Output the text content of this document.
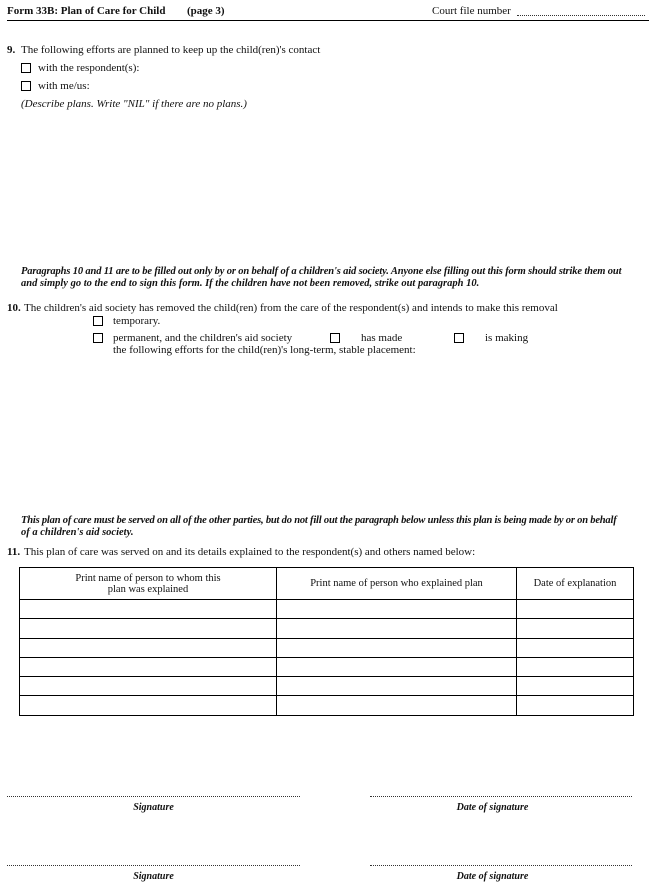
Form 33B: Plan of Care for Child (page 3)	Court file number
9. The following efforts are planned to keep up the child(ren)'s contact
with the respondent(s):
with me/us:
(Describe plans. Write "NIL" if there are no plans.)
Paragraphs 10 and 11 are to be filled out only by or on behalf of a children's aid society. Anyone else filling out this form should strike them out
and simply go to the end to sign this form. If the children have not been removed, strike out paragraph 10.
10. The children's aid society has removed the child(ren) from the care of the respondent(s) and intends to make this removal
temporary.
permanent, and the children's aid society	has made	is making
the following efforts for the child(ren)'s long-term, stable placement:
This plan of care must be served on all of the other parties, but do not fill out the paragraph below unless this plan is being made by or on behalf
of a children's aid society.
11. This plan of care was served on and its details explained to the respondent(s) and others named below:
Print name of person to whom this plan was explained	Print name of person who explained plan	Date of explanation

Signature	Date of signature
Signature	Date of signature
